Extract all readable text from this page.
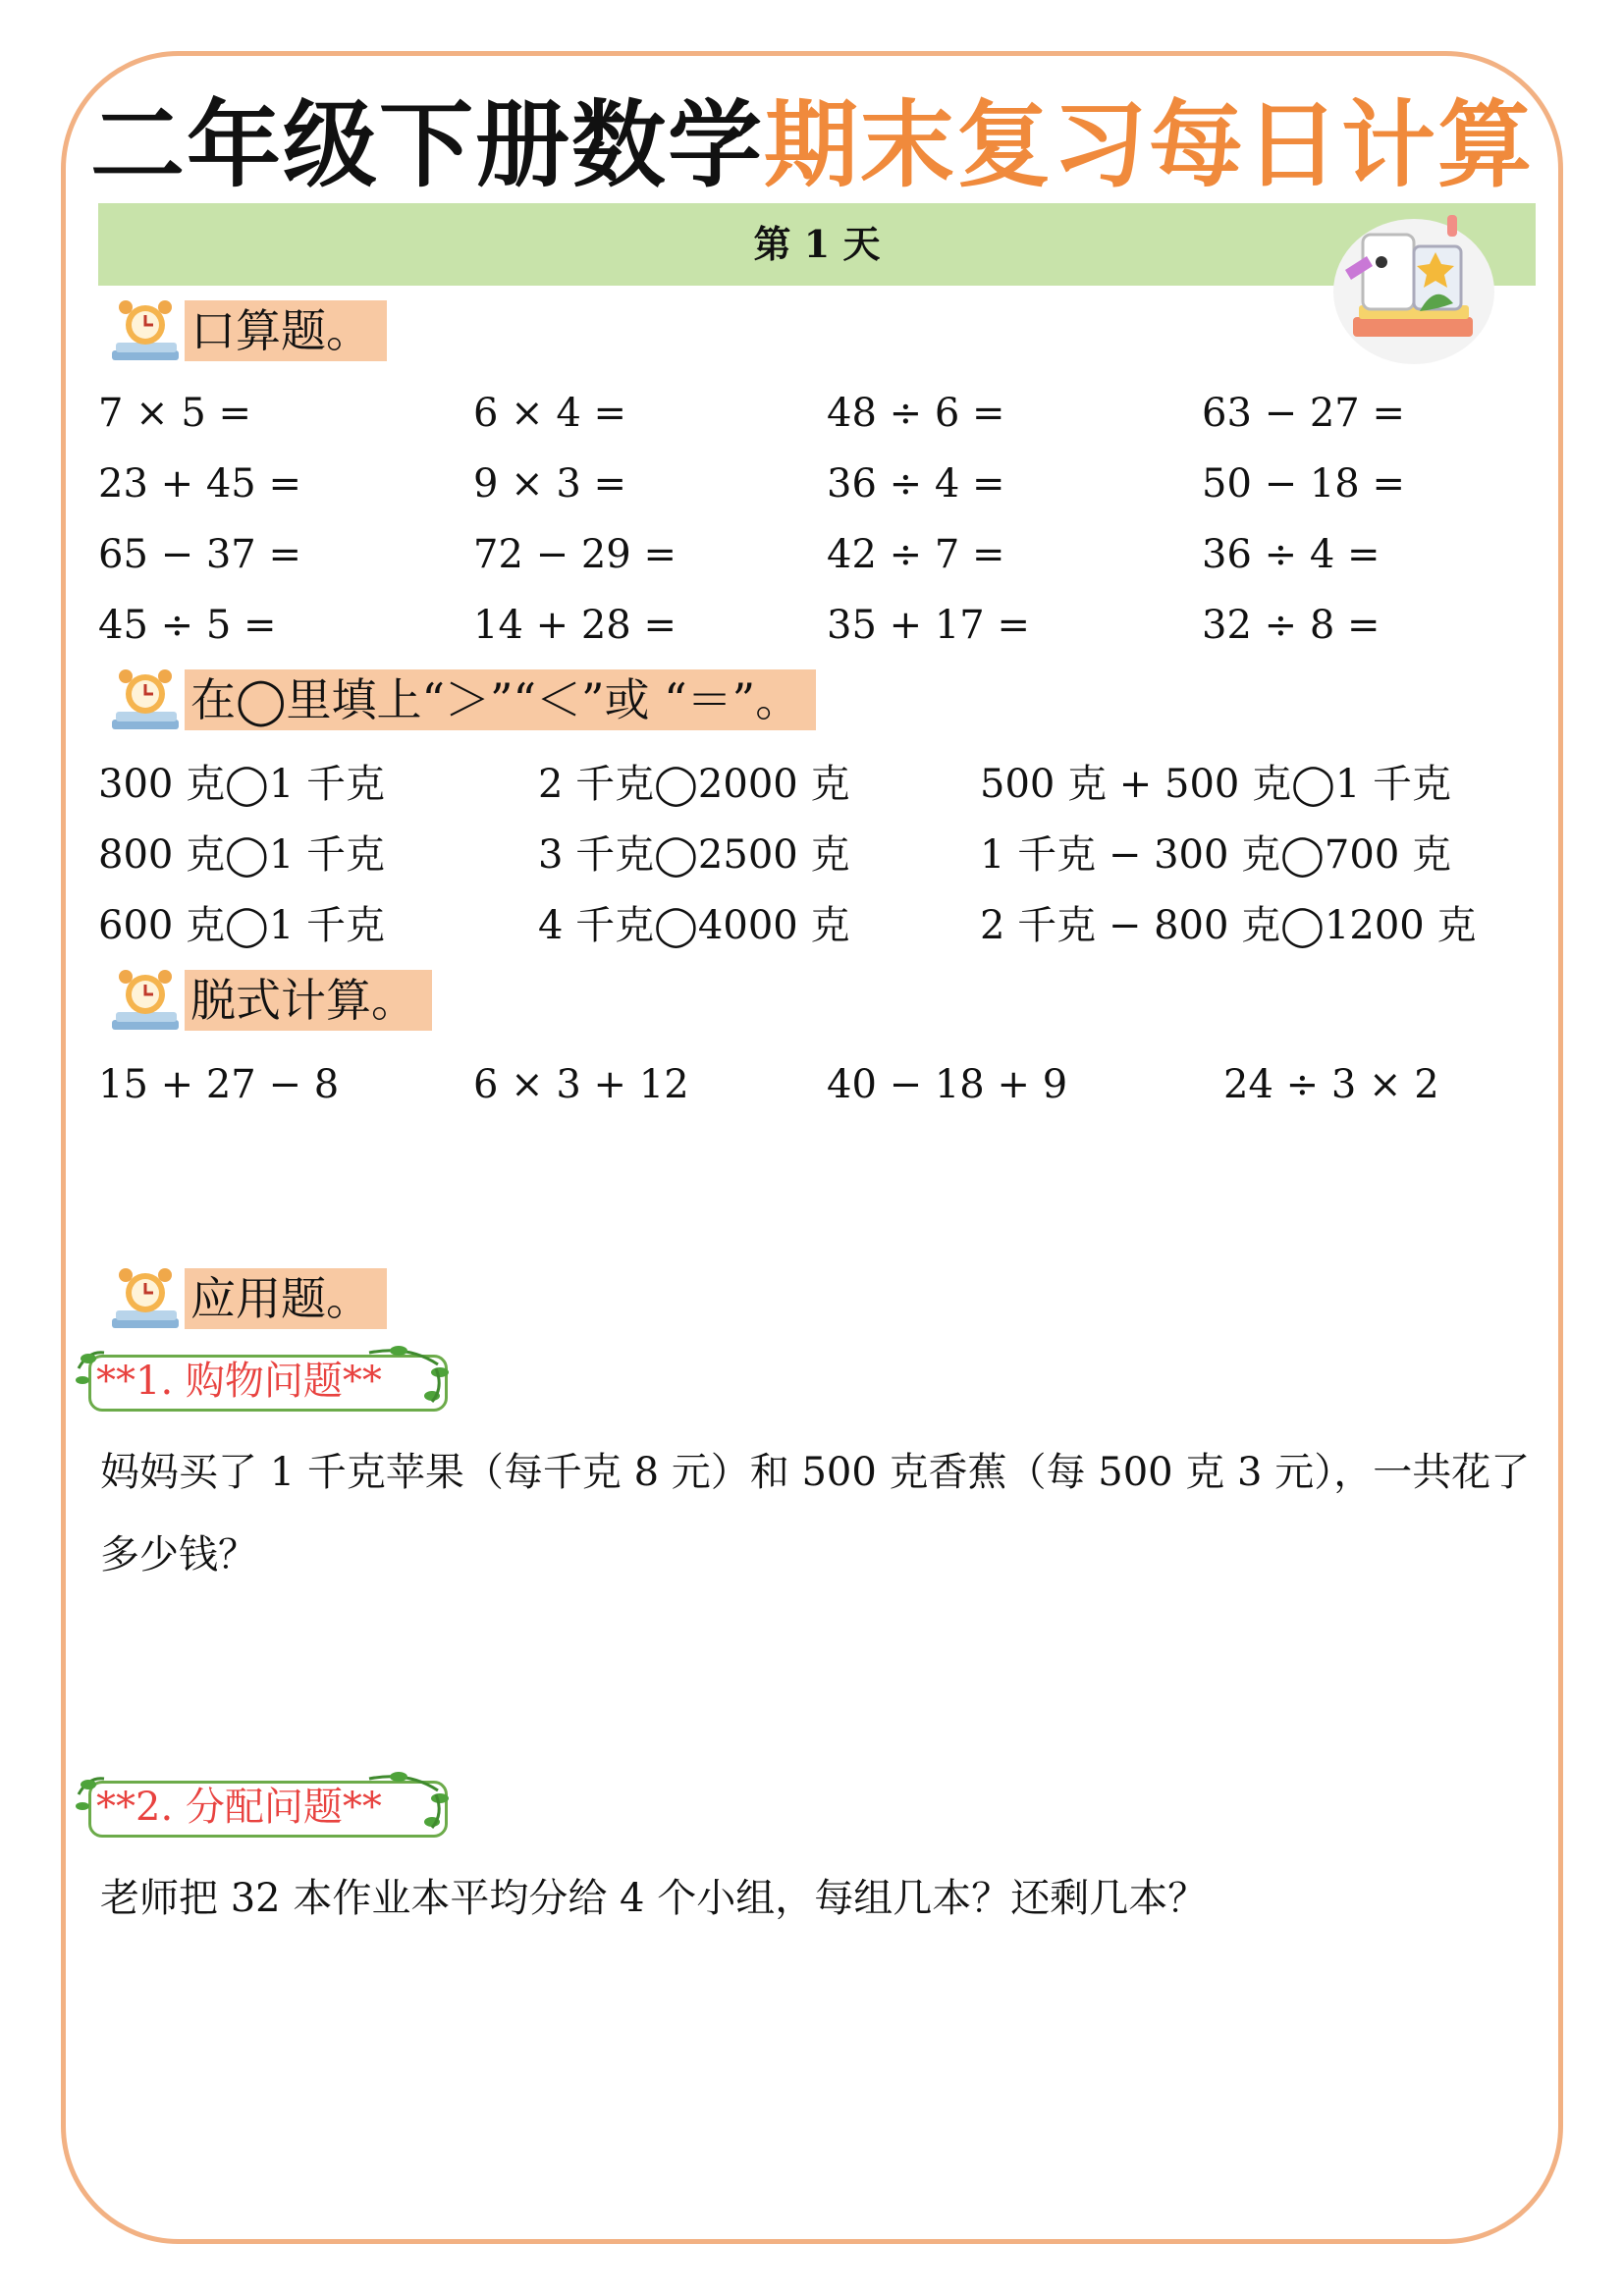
二年级下册数学期末复习每日计算
第 1 天
口算题。
7 × 5 =	6 × 4 =	48 ÷ 6 =	63 − 27 =
23 + 45 =	9 × 3 =	36 ÷ 4 =	50 − 18 =
65 − 37 =	72 − 29 =	42 ÷ 7 =	36 ÷ 4 =
45 ÷ 5 =	14 + 28 =	35 + 17 =	32 ÷ 8 =
在◯里填上“＞”“＜”或 “＝”。
300 克◯1 千克	2 千克◯2000 克	500 克 + 500 克◯1 千克
800 克◯1 千克	3 千克◯2500 克	1 千克 − 300 克◯700 克
600 克◯1 千克	4 千克◯4000 克	2 千克 − 800 克◯1200 克
脱式计算。
15 + 27 − 8	6 × 3 + 12	40 − 18 + 9	24 ÷ 3 × 2
应用题。
**1. 购物问题**
妈妈买了 1 千克苹果（每千克 8 元）和 500 克香蕉（每 500 克 3 元），一共花了多少钱？
**2. 分配问题**
老师把 32 本作业本平均分给 4 个小组，每组几本？还剩几本？
